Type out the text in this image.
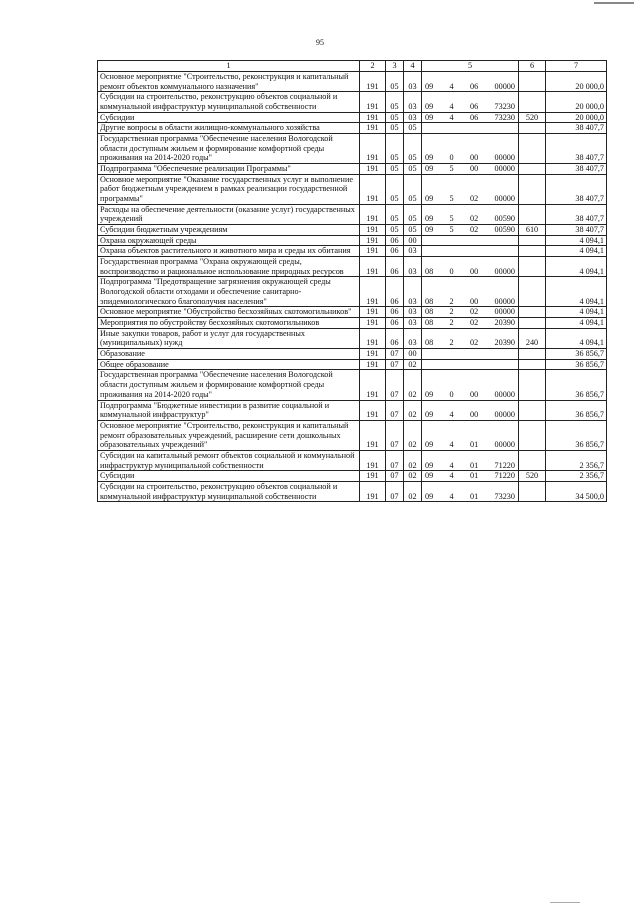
95
1	2	3	4	5	6	7
Основное мероприятие "Строительство, реконструкция и капитальный ремонт объектов коммунального назначения"	191	05	03	09 4 06 00000		20 000,0
Субсидии на строительство, реконструкцию объектов социальной и коммунальной инфраструктур муниципальной собственности	191	05	03	09 4 06 73230		20 000,0
Субсидии	191	05	03	09 4 06 73230	520	20 000,0
Другие вопросы в области жилищно-коммунального хозяйства	191	05	05			38 407,7
Государственная программа "Обеспечение населения Вологодской области доступным жильем и формирование комфортной среды проживания на 2014-2020 годы"	191	05	05	09 0 00 00000		38 407,7
Подпрограмма "Обеспечение реализации Программы"	191	05	05	09 5 00 00000		38 407,7
Основное мероприятие "Оказание государственных услуг и выполнение работ бюджетным учреждением в рамках реализации государственной программы"	191	05	05	09 5 02 00000		38 407,7
Расходы на обеспечение деятельности (оказание услуг) государственных учреждений	191	05	05	09 5 02 00590		38 407,7
Субсидии бюджетным учреждениям	191	05	05	09 5 02 00590	610	38 407,7
Охрана окружающей среды	191	06	00			4 094,1
Охрана объектов растительного и животного мира и среды их обитания	191	06	03			4 094,1
Государственная программа "Охрана окружающей среды, воспроизводство и рациональное использование природных ресурсов	191	06	03	08 0 00 00000		4 094,1
Подпрограмма "Предотвращение загрязнения окружающей среды Вологодской области отходами и обеспечение санитарно-эпидемиологического благополучия населения"	191	06	03	08 2 00 00000		4 094,1
Основное мероприятие "Обустройство бесхозяйных скотомогильников"	191	06	03	08 2 02 00000		4 094,1
Мероприятия по обустройству бесхозяйных скотомогильников	191	06	03	08 2 02 20390		4 094,1
Иные закупки товаров, работ и услуг для государственных (муниципальных) нужд	191	06	03	08 2 02 20390	240	4 094,1
Образование	191	07	00			36 856,7
Общее образование	191	07	02			36 856,7
Государственная программа "Обеспечение населения Вологодской области доступным жильем и формирование комфортной среды проживания на 2014-2020 годы"	191	07	02	09 0 00 00000		36 856,7
Подпрограмма "Бюджетные инвестиции в развитие социальной и коммунальной инфраструктур"	191	07	02	09 4 00 00000		36 856,7
Основное мероприятие "Строительство, реконструкция и капитальный ремонт образовательных учреждений, расширение сети дошкольных образовательных учреждений"	191	07	02	09 4 01 00000		36 856,7
Субсидии на капитальный ремонт объектов социальной и коммунальной инфраструктур муниципальной собственности	191	07	02	09 4 01 71220		2 356,7
Субсидии	191	07	02	09 4 01 71220	520	2 356,7
Субсидии на строительство, реконструкцию объектов социальной и коммунальной инфраструктур муниципальной собственности	191	07	02	09 4 01 73230		34 500,0
